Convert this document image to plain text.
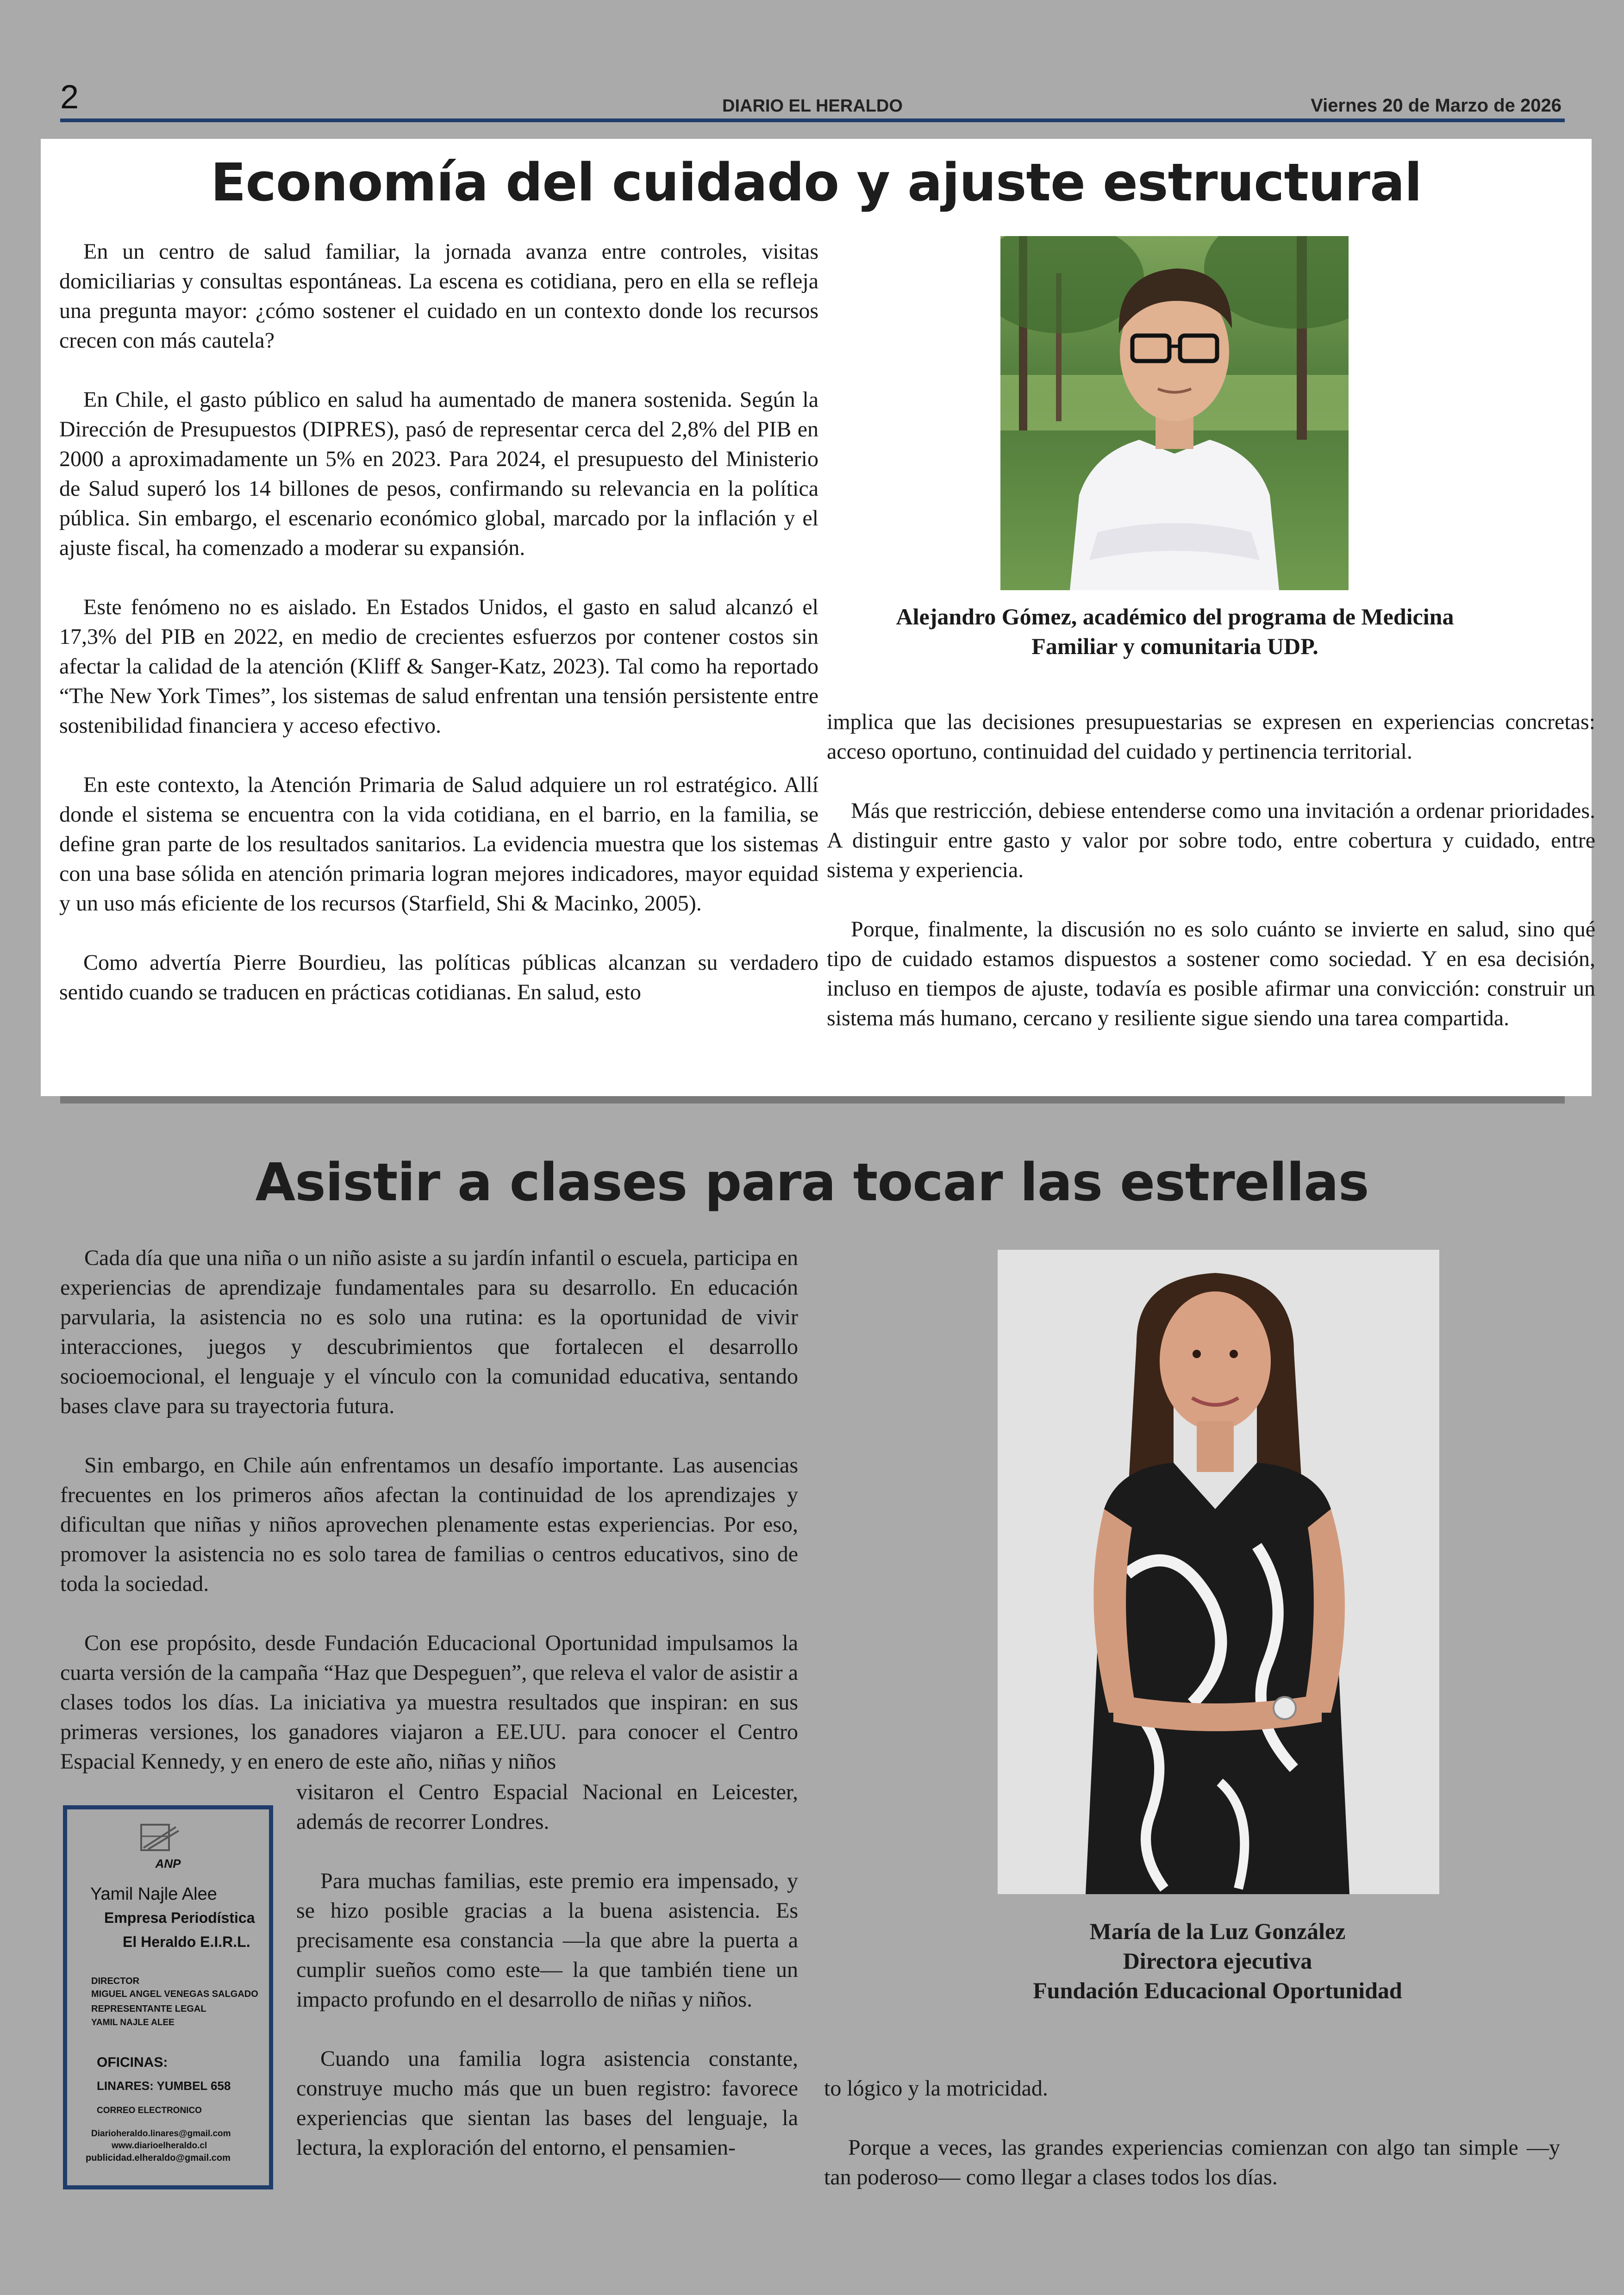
2	DIARIO EL HERALDO	Viernes 20 de Marzo de 2026
Economía del cuidado y ajuste estructural

En un centro de salud familiar, la jornada avanza entre controles, visitas domiciliarias y consultas espontáneas. La escena es cotidiana, pero en ella se refleja una pregunta mayor: ¿cómo sostener el cuidado en un contexto donde los recursos crecen con más cautela?

En Chile, el gasto público en salud ha aumentado de manera sostenida. Según la Dirección de Presupuestos (DIPRES), pasó de representar cerca del 2,8% del PIB en 2000 a aproximadamente un 5% en 2023. Para 2024, el presupuesto del Ministerio de Salud superó los 14 billones de pesos, confirmando su relevancia en la política pública. Sin embargo, el escenario económico global, marcado por la inflación y el ajuste fiscal, ha comenzado a moderar su expansión.

Este fenómeno no es aislado. En Estados Unidos, el gasto en salud alcanzó el 17,3% del PIB en 2022, en medio de crecientes esfuerzos por contener costos sin afectar la calidad de la atención (Kliff & Sanger-Katz, 2023). Tal como ha reportado “The New York Times”, los sistemas de salud enfrentan una tensión persistente entre sostenibilidad financiera y acceso efectivo.

En este contexto, la Atención Primaria de Salud adquiere un rol estratégico. Allí donde el sistema se encuentra con la vida cotidiana, en el barrio, en la familia, se define gran parte de los resultados sanitarios. La evidencia muestra que los sistemas con una base sólida en atención primaria logran mejores indicadores, mayor equidad y un uso más eficiente de los recursos (Starfield, Shi & Macinko, 2005).

Como advertía Pierre Bourdieu, las políticas públicas alcanzan su verdadero sentido cuando se traducen en prácticas cotidianas. En salud, esto

Alejandro Gómez, académico del programa de Medicina
Familiar y comunitaria UDP.

implica que las decisiones presupuestarias se expresen en experiencias concretas: acceso oportuno, continuidad del cuidado y pertinencia territorial.

Más que restricción, debiese entenderse como una invitación a ordenar prioridades. A distinguir entre gasto y valor por sobre todo, entre cobertura y cuidado, entre sistema y experiencia.

Porque, finalmente, la discusión no es solo cuánto se invierte en salud, sino qué tipo de cuidado estamos dispuestos a sostener como sociedad. Y en esa decisión, incluso en tiempos de ajuste, todavía es posible afirmar una convicción: construir un sistema más humano, cercano y resiliente sigue siendo una tarea compartida.

Asistir a clases para tocar las estrellas

Cada día que una niña o un niño asiste a su jardín infantil o escuela, participa en experiencias de aprendizaje fundamentales para su desarrollo. En educación parvularia, la asistencia no es solo una rutina: es la oportunidad de vivir interacciones, juegos y descubrimientos que fortalecen el desarrollo socioemocional, el lenguaje y el vínculo con la comunidad educativa, sentando bases clave para su trayectoria futura.

Sin embargo, en Chile aún enfrentamos un desafío importante. Las ausencias frecuentes en los primeros años afectan la continuidad de los aprendizajes y dificultan que niñas y niños aprovechen plenamente estas experiencias. Por eso, promover la asistencia no es solo tarea de familias o centros educativos, sino de toda la sociedad.

Con ese propósito, desde Fundación Educacional Oportunidad impulsamos la cuarta versión de la campaña “Haz que Despeguen”, que releva el valor de asistir a clases todos los días. La iniciativa ya muestra resultados que inspiran: en sus primeras versiones, los ganadores viajaron a EE.UU. para conocer el Centro Espacial Kennedy, y en enero de este año, niñas y niños

visitaron el Centro Espacial Nacional en Leicester, además de recorrer Londres.

Para muchas familias, este premio era impensado, y se hizo posible gracias a la buena asistencia. Es precisamente esa constancia —la que abre la puerta a cumplir sueños como este— la que también tiene un impacto profundo en el desarrollo de niñas y niños.

Cuando una familia logra asistencia constante, construye mucho más que un buen registro: favorece experiencias que sientan las bases del lenguaje, la lectura, la exploración del entorno, el pensamien-

María de la Luz González
Directora ejecutiva
Fundación Educacional Oportunidad

to lógico y la motricidad.

Porque a veces, las grandes experiencias comienzan con algo tan simple —y tan poderoso— como llegar a clases todos los días.

ANP
Yamil Najle Alee
Empresa Periodística
El Heraldo E.I.R.L.
DIRECTOR
MIGUEL ANGEL VENEGAS SALGADO
REPRESENTANTE LEGAL
YAMIL NAJLE ALEE
OFICINAS:
LINARES: YUMBEL 658
CORREO ELECTRONICO
Diarioheraldo.linares@gmail.com
www.diarioelheraldo.cl
publicidad.elheraldo@gmail.com
